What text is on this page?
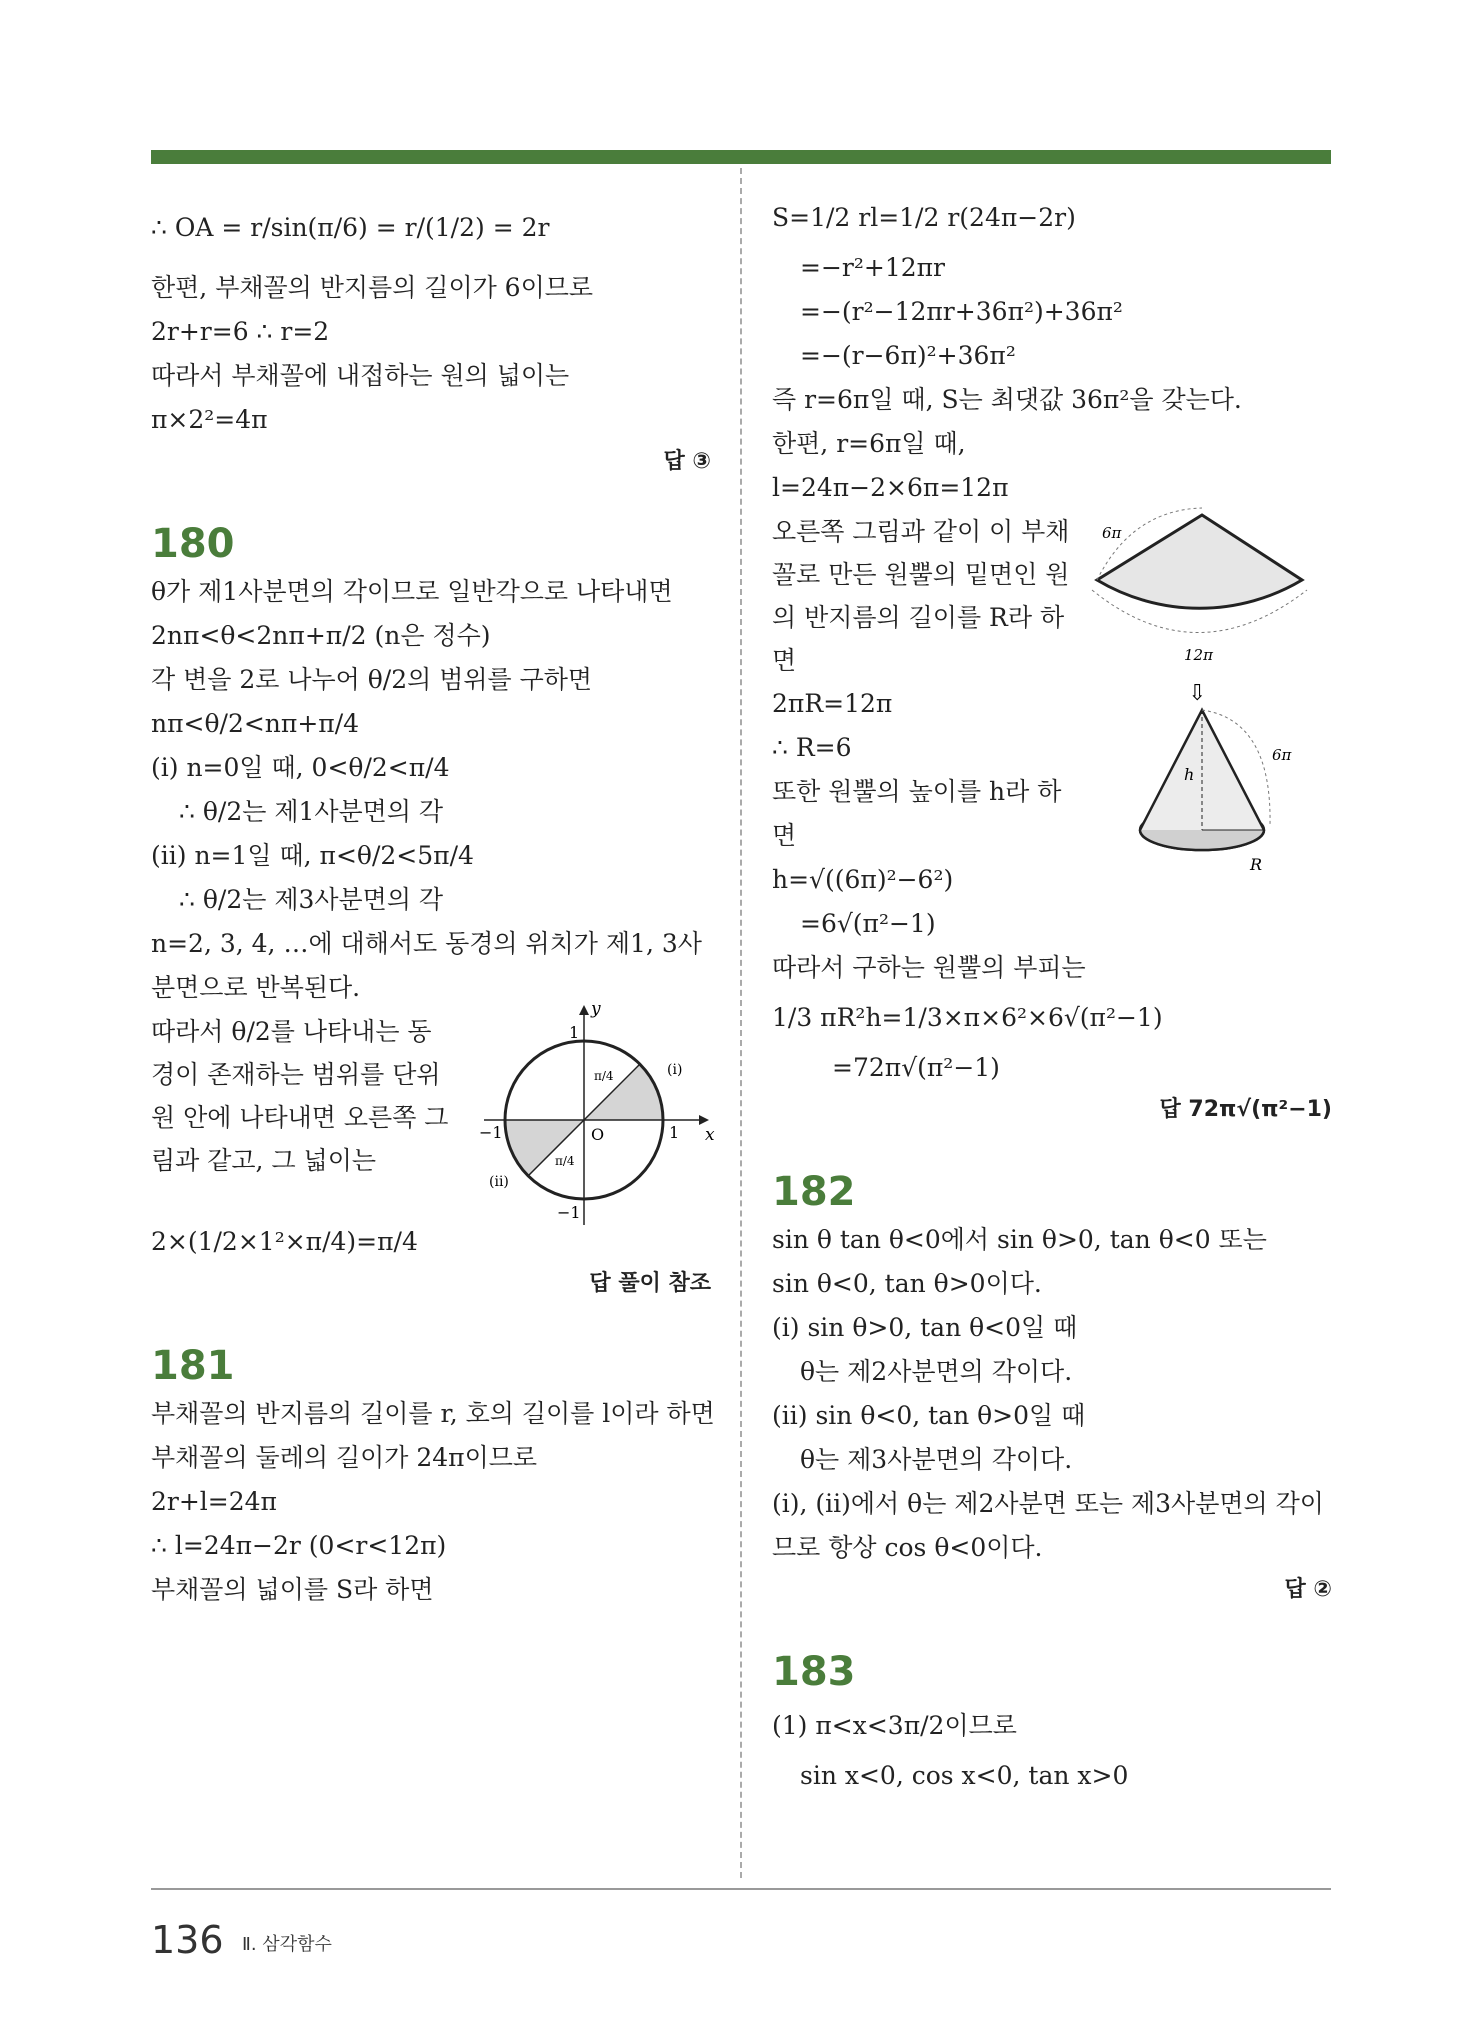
∴ OA = r/sin(π/6) = r/(1/2) = 2r
한편, 부채꼴의 반지름의 길이가 6이므로
2r+r=6 ∴ r=2
따라서 부채꼴에 내접하는 원의 넓이는
π×2²=4π
답 ③
180
θ가 제1사분면의 각이므로 일반각으로 나타내면
2nπ<θ<2nπ+π/2 (n은 정수)
각 변을 2로 나누어 θ/2의 범위를 구하면
nπ<θ/2<nπ+π/4
(ⅰ) n=0일 때, 0<θ/2<π/4
∴ θ/2는 제1사분면의 각
(ⅱ) n=1일 때, π<θ/2<5π/4
∴ θ/2는 제3사분면의 각
n=2, 3, 4, …에 대해서도 동경의 위치가 제1, 3사분면으로 반복된다.
따라서 θ/2를 나타내는 동경이 존재하는 범위를 단위원 안에 나타내면 오른쪽 그림과 같고, 그 넓이는
y
x
1
−1	1
−1
O
(ⅰ)
(ⅱ)
π/4
π/4
2×(1/2×1²×π/4)=π/4
답 풀이 참조
181
부채꼴의 반지름의 길이를 r, 호의 길이를 l이라 하면
부채꼴의 둘레의 길이가 24π이므로
2r+l=24π
∴ l=24π−2r (0<r<12π)
부채꼴의 넓이를 S라 하면
S=1/2 rl=1/2 r(24π−2r)
=−r²+12πr
=−(r²−12πr+36π²)+36π²
=−(r−6π)²+36π²
즉 r=6π일 때, S는 최댓값 36π²을 갖는다.
한편, r=6π일 때,
l=24π−2×6π=12π
6π
12π
⇩
h
6π
R
오른쪽 그림과 같이 이 부채꼴로 만든 원뿔의 밑면인 원의 반지름의 길이를 R라 하면
2πR=12π
∴ R=6
또한 원뿔의 높이를 h라 하면
h=√((6π)²−6²)
=6√(π²−1)
따라서 구하는 원뿔의 부피는
1/3 πR²h=1/3×π×6²×6√(π²−1)
=72π√(π²−1)
답 72π√(π²−1)
182
sin θ tan θ<0에서 sin θ>0, tan θ<0 또는
sin θ<0, tan θ>0이다.
(ⅰ) sin θ>0, tan θ<0일 때
θ는 제2사분면의 각이다.
(ⅱ) sin θ<0, tan θ>0일 때
θ는 제3사분면의 각이다.
(ⅰ), (ⅱ)에서 θ는 제2사분면 또는 제3사분면의 각이므로 항상 cos θ<0이다.
답 ②
183
(1) π<x<3π/2이므로
sin x<0, cos x<0, tan x>0
136 Ⅱ. 삼각함수
